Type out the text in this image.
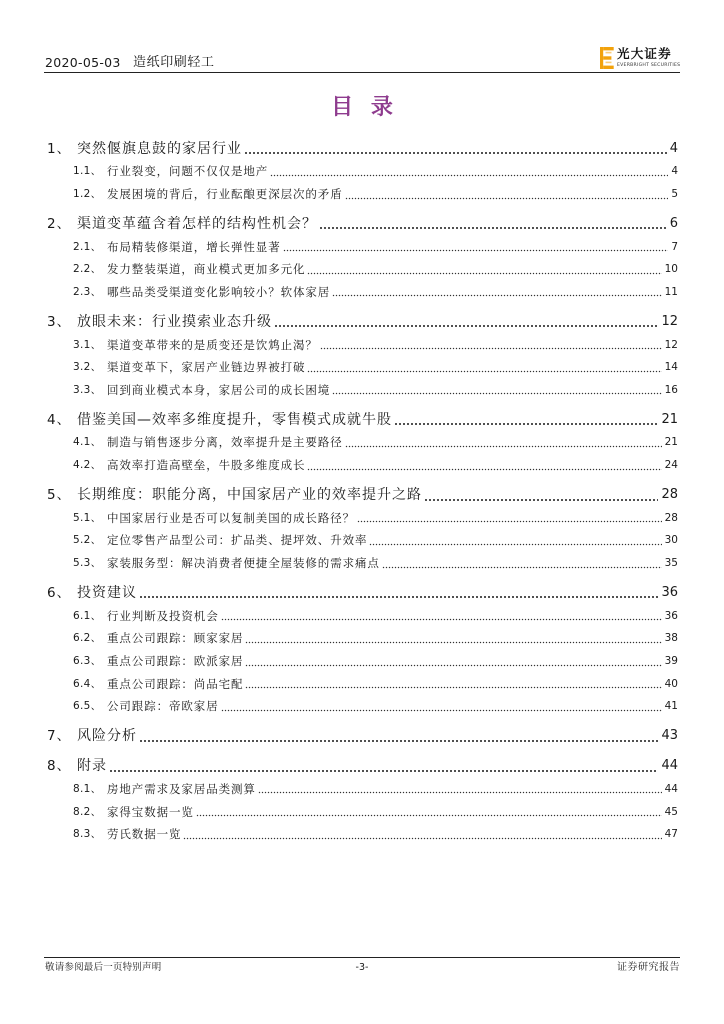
2020-05-03 造纸印刷轻工
光大证券
EVERBRIGHT SECURITIES
目 录
1、 突然偃旗息鼓的家居行业	4
1.1、 行业裂变，问题不仅仅是地产	4
1.2、 发展困境的背后，行业酝酿更深层次的矛盾	5
2、 渠道变革蕴含着怎样的结构性机会？	6
2.1、 布局精装修渠道，增长弹性显著	7
2.2、 发力整装渠道，商业模式更加多元化	10
2.3、 哪些品类受渠道变化影响较小？软体家居	11
3、 放眼未来：行业摸索业态升级	12
3.1、 渠道变革带来的是质变还是饮鸩止渴？	12
3.2、 渠道变革下，家居产业链边界被打破	14
3.3、 回到商业模式本身，家居公司的成长困境	16
4、 借鉴美国—效率多维度提升，零售模式成就牛股	21
4.1、 制造与销售逐步分离，效率提升是主要路径	21
4.2、 高效率打造高壁垒，牛股多维度成长	24
5、 长期维度：职能分离，中国家居产业的效率提升之路	28
5.1、 中国家居行业是否可以复制美国的成长路径？	28
5.2、 定位零售产品型公司：扩品类、提坪效、升效率	30
5.3、 家装服务型：解决消费者便捷全屋装修的需求痛点	35
6、 投资建议	36
6.1、 行业判断及投资机会	36
6.2、 重点公司跟踪：顾家家居	38
6.3、 重点公司跟踪：欧派家居	39
6.4、 重点公司跟踪：尚品宅配	40
6.5、 公司跟踪：帝欧家居	41
7、 风险分析	43
8、 附录	44
8.1、 房地产需求及家居品类测算	44
8.2、 家得宝数据一览	45
8.3、 劳氏数据一览	47
敬请参阅最后一页特别声明	-3-	证券研究报告
